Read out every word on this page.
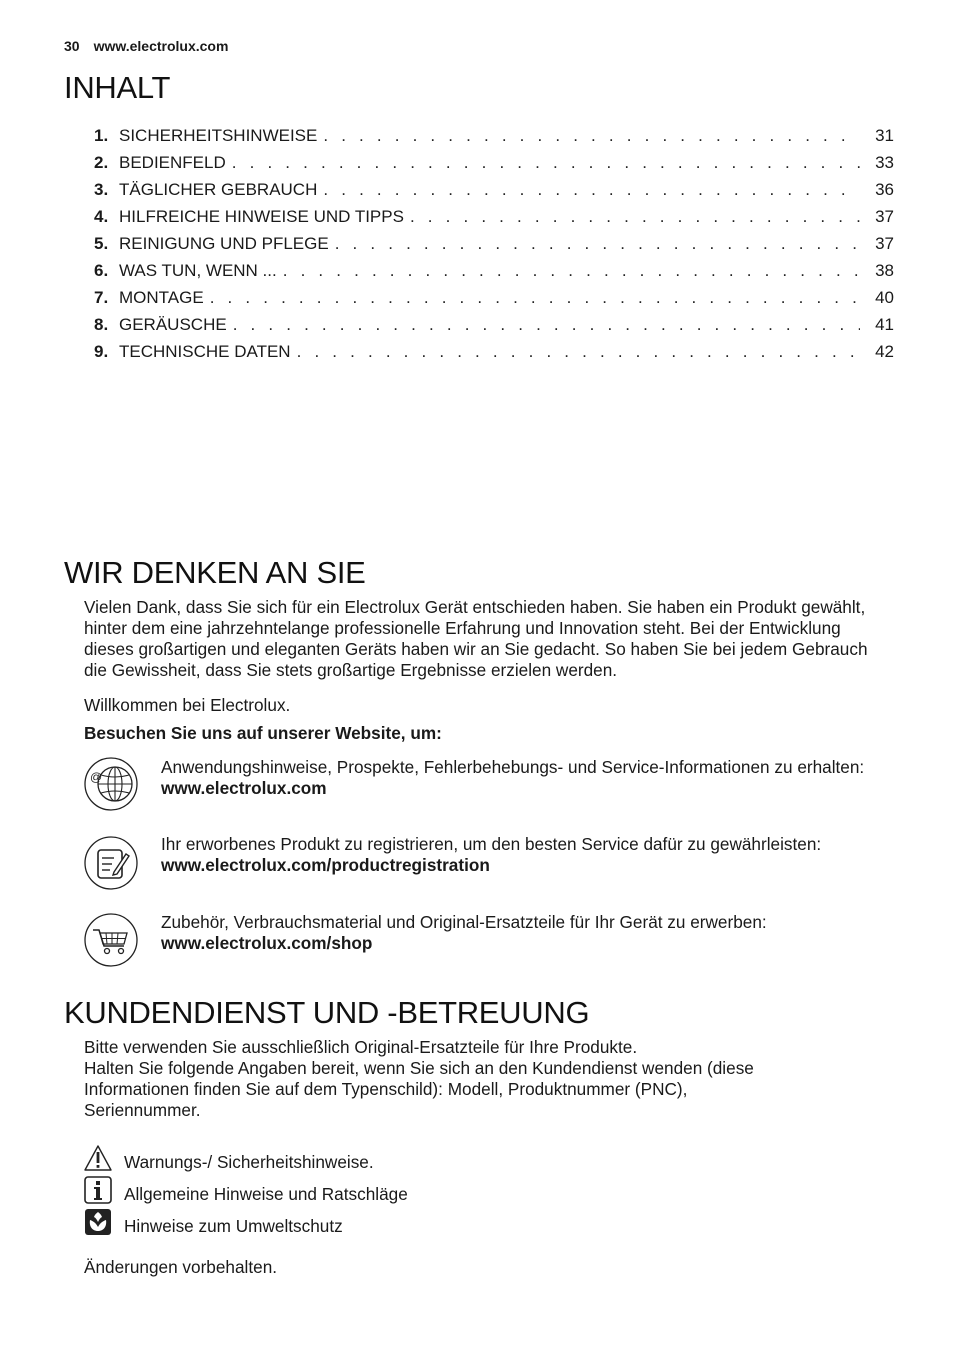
30 www.electrolux.com
INHALT
1. SICHERHEITSHINWEISE . . .	31
2. BEDIENFELD . . .	33
3. TÄGLICHER GEBRAUCH . . .	36
4. HILFREICHE HINWEISE UND TIPPS . . .	37
5. REINIGUNG UND PFLEGE . . .	37
6. WAS TUN, WENN ... . . .	38
7. MONTAGE . . .	40
8. GERÄUSCHE . . .	41
9. TECHNISCHE DATEN . . .	42
WIR DENKEN AN SIE

Vielen Dank, dass Sie sich für ein Electrolux Gerät entschieden haben. Sie haben ein Produkt gewählt, hinter dem eine jahrzehntelange professionelle Erfahrung und Innovation steht. Bei der Entwicklung dieses großartigen und eleganten Geräts haben wir an Sie gedacht. So haben Sie bei jedem Gebrauch die Gewissheit, dass Sie stets großartige Ergebnisse erzielen werden.

Willkommen bei Electrolux.

Besuchen Sie uns auf unserer Website, um:

@	Anwendungshinweise, Prospekte, Fehlerbehebungs- und Service-Informationen zu erhalten:
www.electrolux.com
Ihr erworbenes Produkt zu registrieren, um den besten Service dafür zu gewährleisten:
www.electrolux.com/productregistration
Zubehör, Verbrauchsmaterial und Original-Ersatzteile für Ihr Gerät zu erwerben:
www.electrolux.com/shop
KUNDENDIENST UND -BETREUUNG
Bitte verwenden Sie ausschließlich Original-Ersatzteile für Ihre Produkte.
Halten Sie folgende Angaben bereit, wenn Sie sich an den Kundendienst wenden (diese Informationen finden Sie auf dem Typenschild): Modell, Produktnummer (PNC), Seriennummer.
Warnungs-/ Sicherheitshinweise.
Allgemeine Hinweise und Ratschläge
Hinweise zum Umweltschutz

Änderungen vorbehalten.
